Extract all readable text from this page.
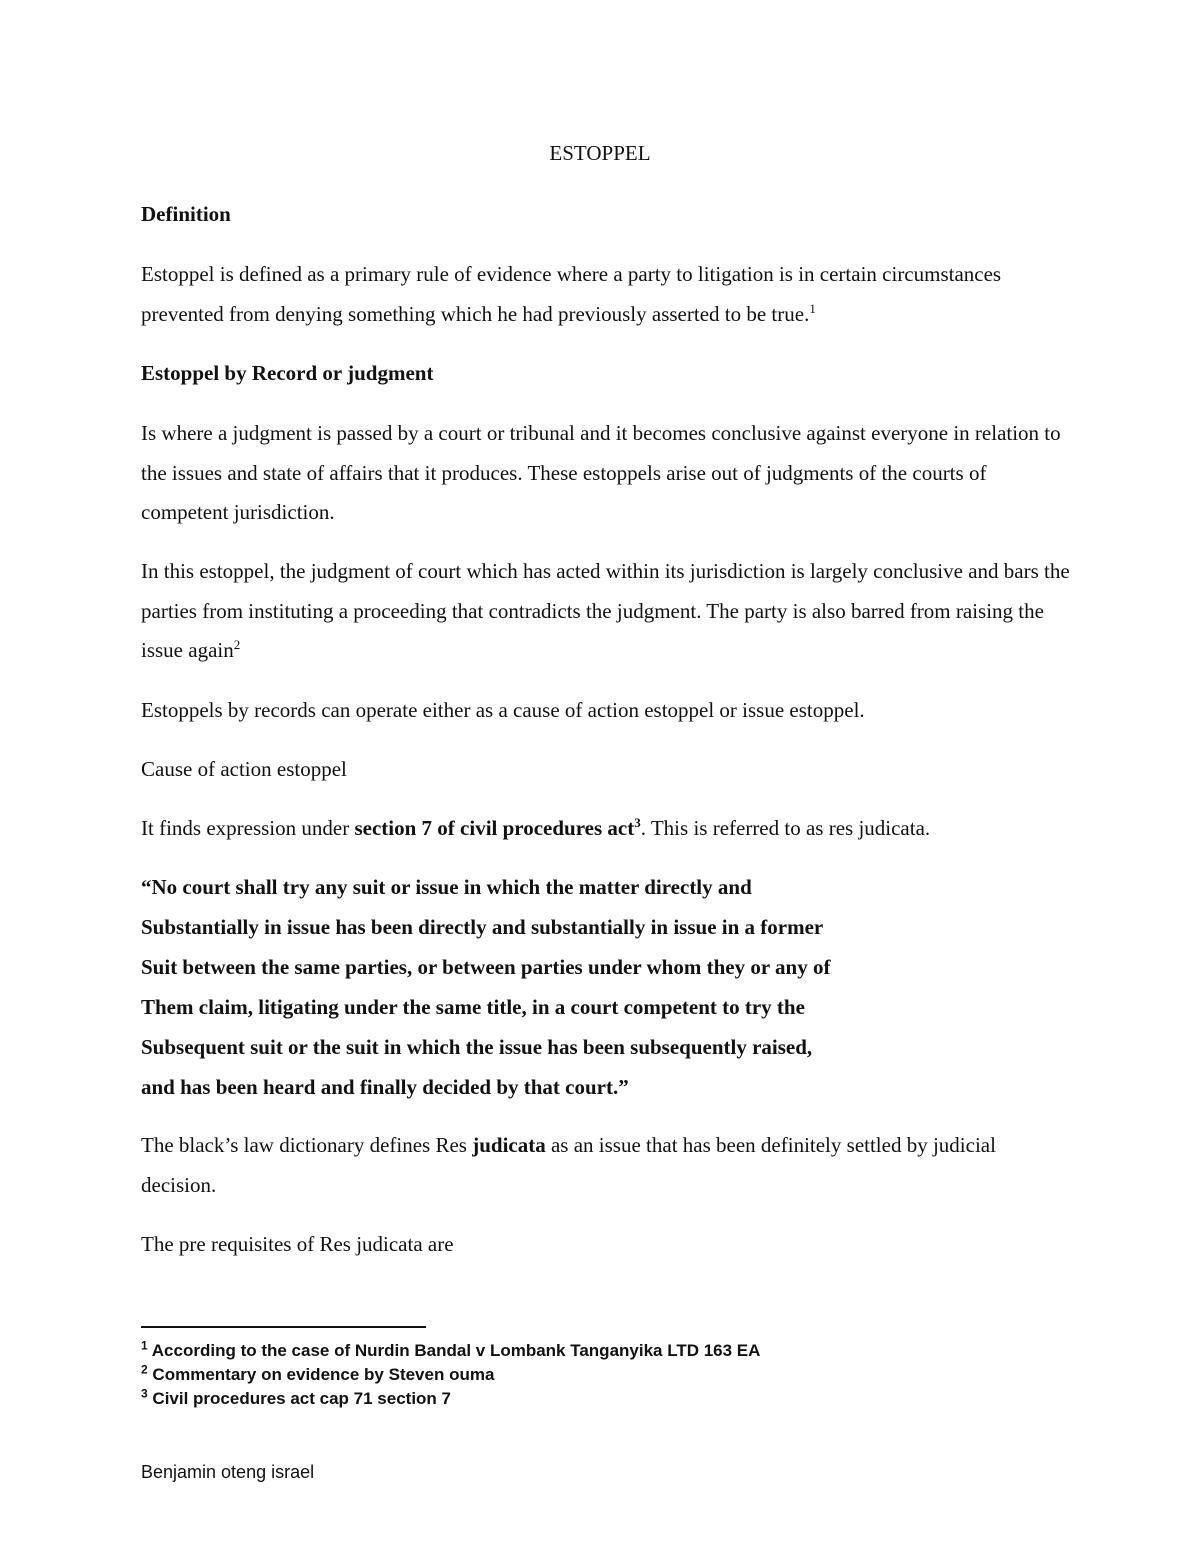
ESTOPPEL
Definition
Estoppel is defined as a primary rule of evidence where a party to litigation is in certain circumstances prevented from denying something which he had previously asserted to be true.$^1$
Estoppel by Record or judgment
Is where a judgment is passed by a court or tribunal and it becomes conclusive against everyone in relation to the issues and state of affairs that it produces. These estoppels arise out of judgments of the courts of competent jurisdiction.
In this estoppel, the judgment of court which has acted within its jurisdiction is largely conclusive and bars the parties from instituting a proceeding that contradicts the judgment. The party is also barred from raising the issue again$^2$
Estoppels by records can operate either as a cause of action estoppel or issue estoppel.
Cause of action estoppel
It finds expression under section 7 of civil procedures act$^3$. This is referred to as res judicata.
“No court shall try any suit or issue in which the matter directly and
Substantially in issue has been directly and substantially in issue in a former
Suit between the same parties, or between parties under whom they or any of
Them claim, litigating under the same title, in a court competent to try the
Subsequent suit or the suit in which the issue has been subsequently raised,
and has been heard and finally decided by that court.”
The black’s law dictionary defines Res judicata as an issue that has been definitely settled by judicial decision.
The pre requisites of Res judicata are
$^1$ According to the case of Nurdin Bandal v Lombank Tanganyika LTD 163 EA
$^2$ Commentary on evidence by Steven ouma
$^3$ Civil procedures act cap 71 section 7
Benjamin oteng israel
